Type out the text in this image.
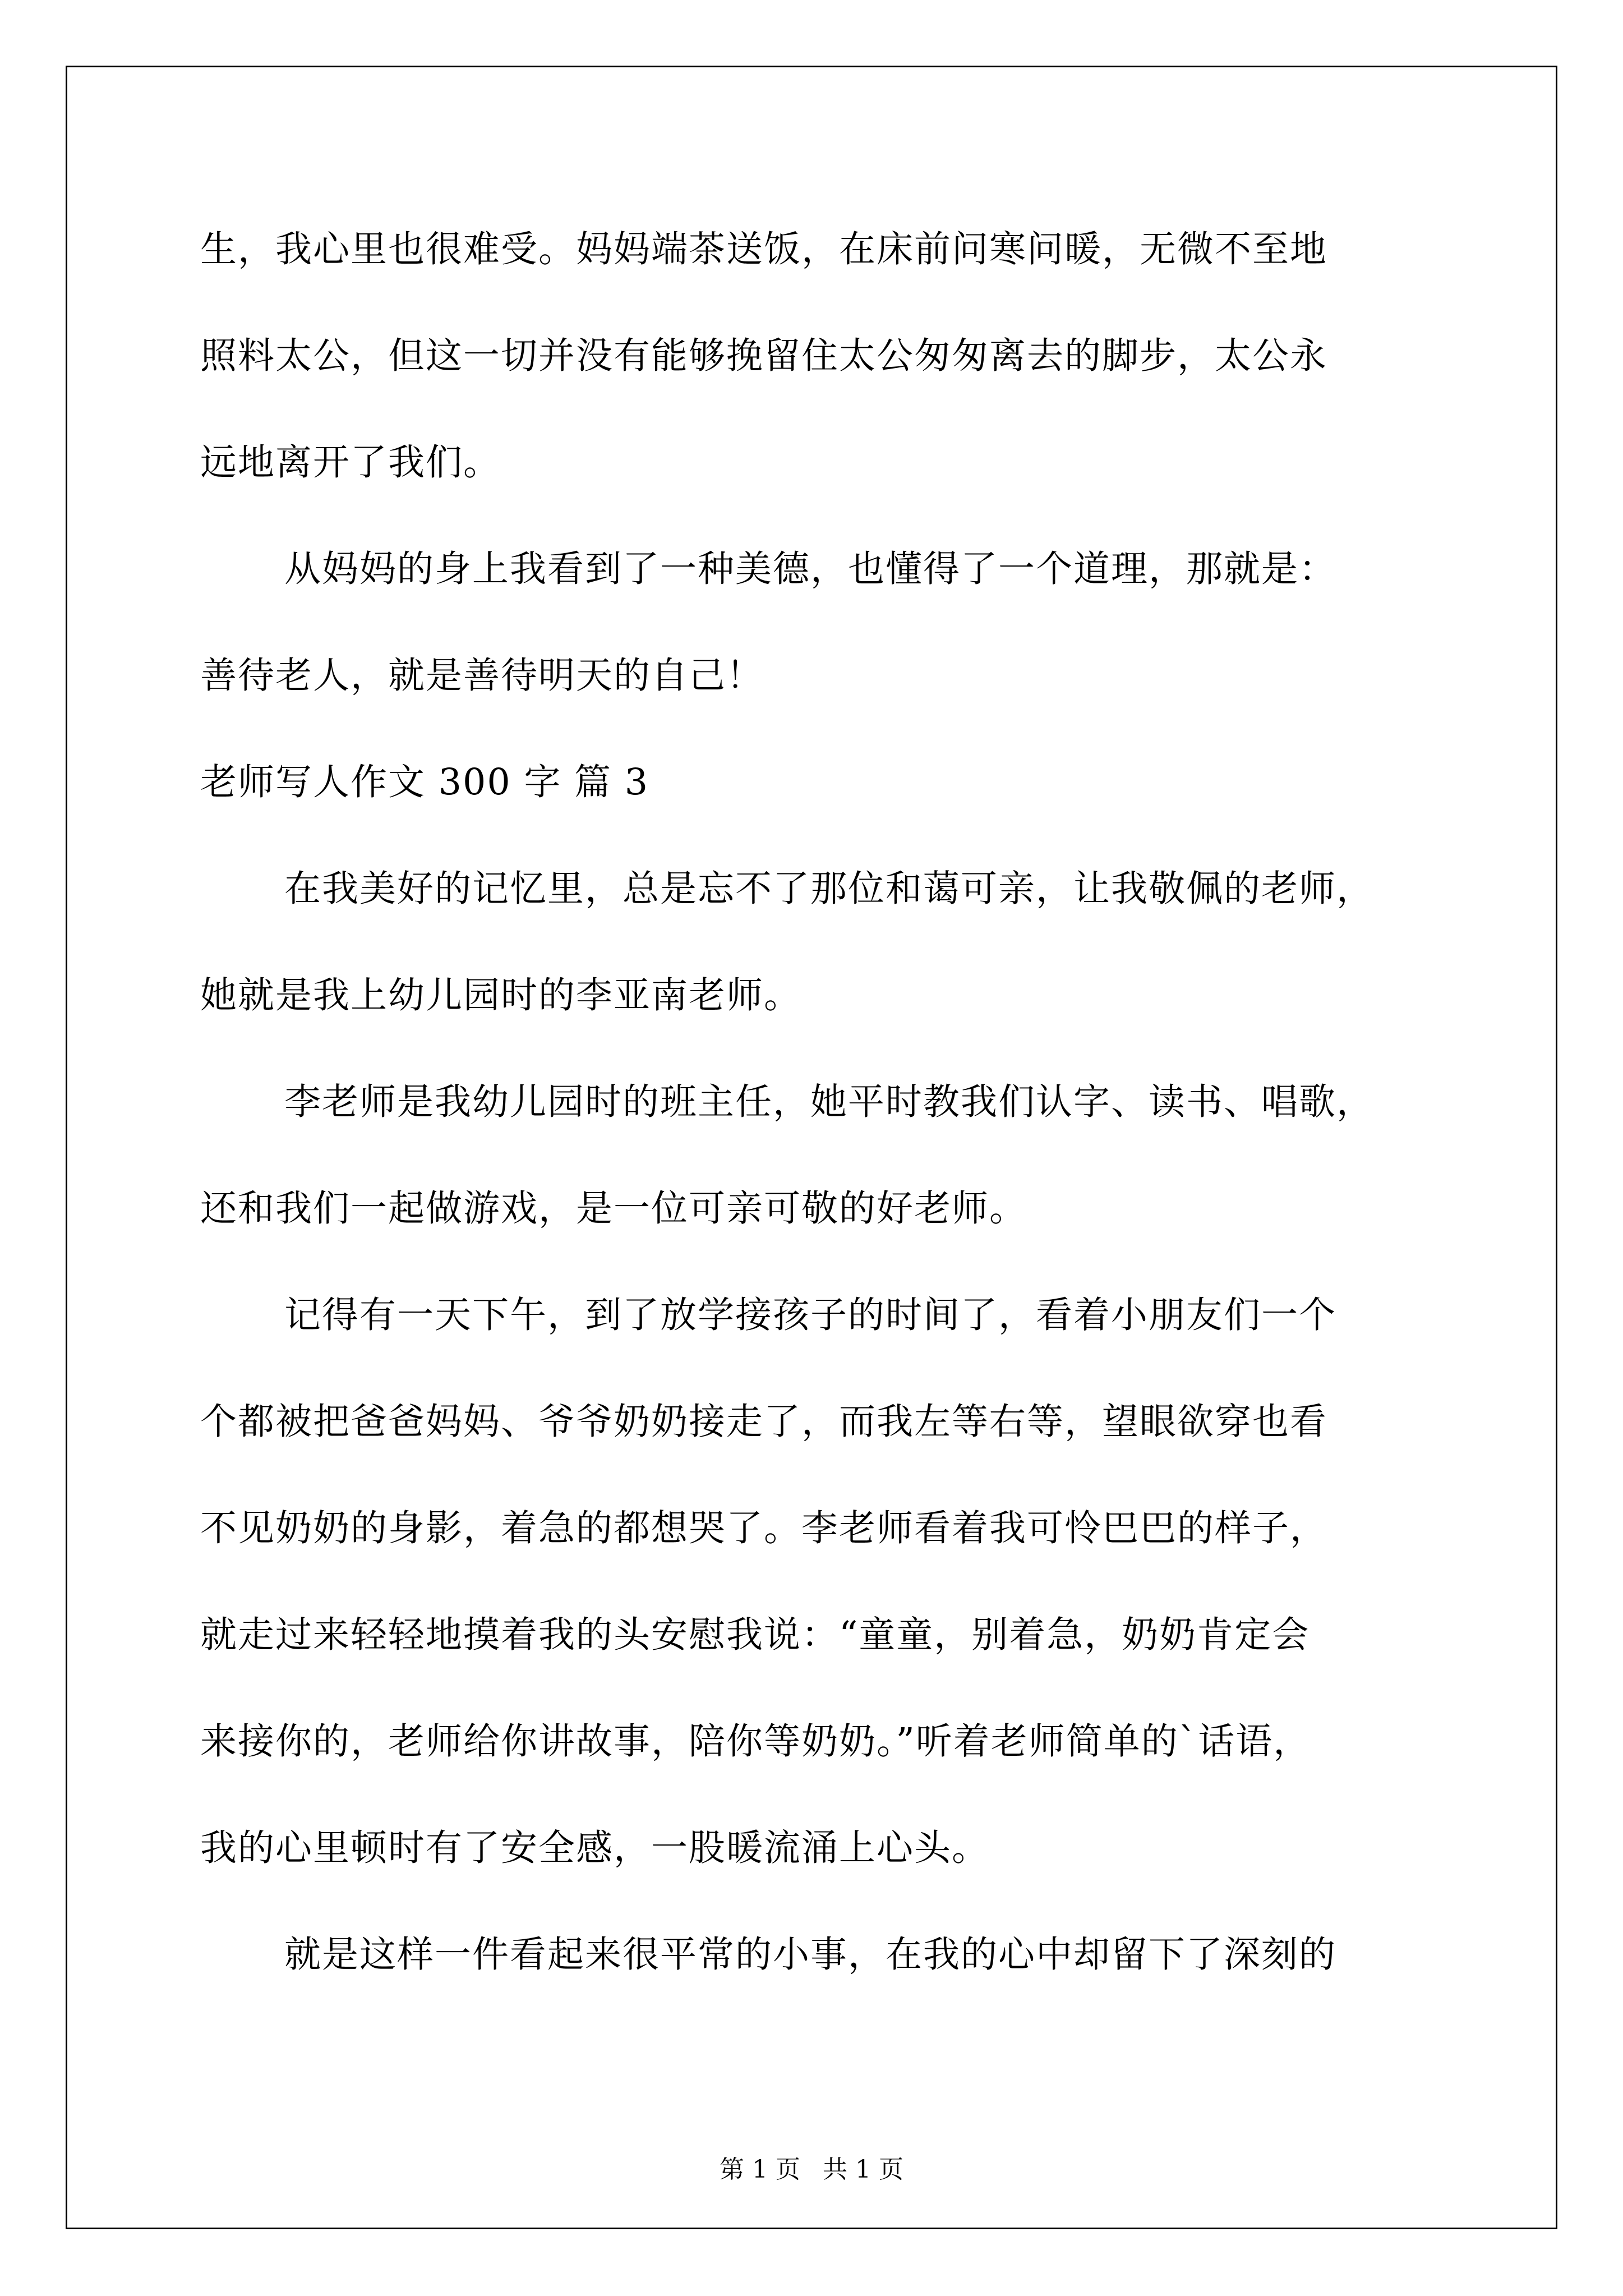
生，我心里也很难受。妈妈端茶送饭，在床前问寒问暖，无微不至地
照料太公，但这一切并没有能够挽留住太公匆匆离去的脚步，太公永
远地离开了我们。
从妈妈的身上我看到了一种美德，也懂得了一个道理，那就是：
善待老人，就是善待明天的自己！
老师写人作文 300 字 篇 3
在我美好的记忆里，总是忘不了那位和蔼可亲，让我敬佩的老师，
她就是我上幼儿园时的李亚南老师。
李老师是我幼儿园时的班主任，她平时教我们认字、读书、唱歌，
还和我们一起做游戏，是一位可亲可敬的好老师。
记得有一天下午，到了放学接孩子的时间了，看着小朋友们一个
个都被把爸爸妈妈、爷爷奶奶接走了，而我左等右等，望眼欲穿也看
不见奶奶的身影，着急的都想哭了。李老师看着我可怜巴巴的样子，
就走过来轻轻地摸着我的头安慰我说：“童童，别着急，奶奶肯定会
来接你的，老师给你讲故事，陪你等奶奶。”听着老师简单的`话语，
我的心里顿时有了安全感，一股暖流涌上心头。
就是这样一件看起来很平常的小事，在我的心中却留下了深刻的
第 1 页 共 1 页
